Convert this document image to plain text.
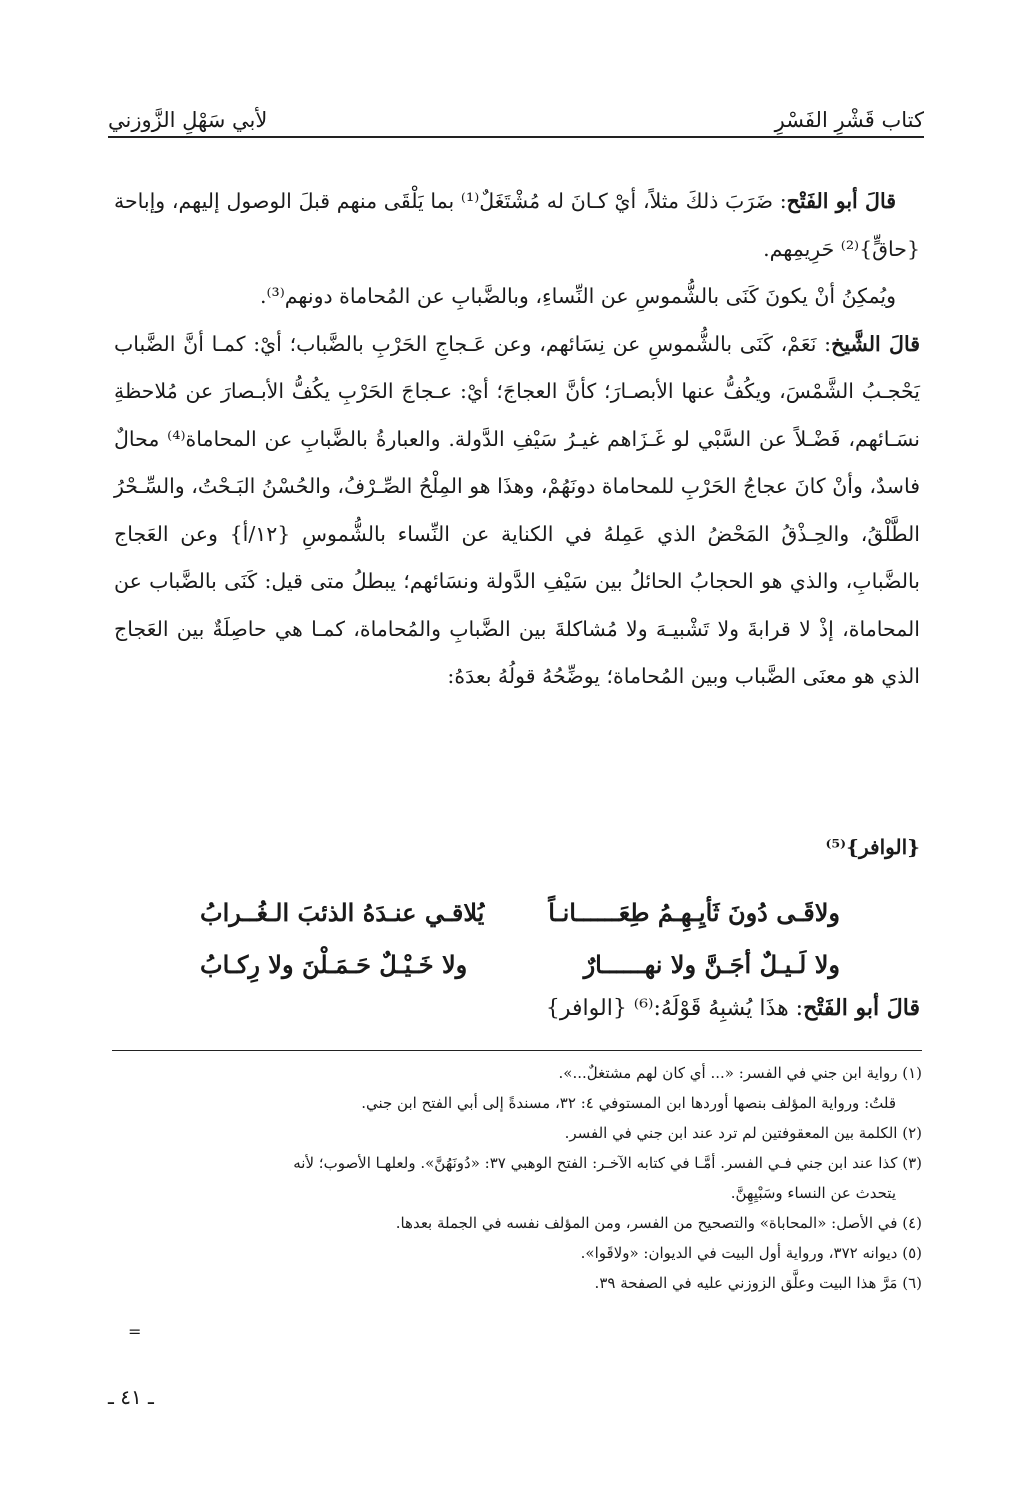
كتاب قَشْرِ الفَسْرِ
لأبي سَهْلِ الزَّوزني

قالَ أبو الفَتْح: ضَرَبَ ذلكَ مثلاً، أيْ كـانَ له مُشْتَغَلٌ⁽¹⁾ بما يَلْقَى منهم قبلَ الوصول إليهم، وإباحة {حاقٍّ}⁽²⁾ حَرِيمِهم.

ويُمكِنُ أنْ يكونَ كَنَى بالشُّموسِ عن النِّساءِ، وبالضَّبابِ عن المُحاماة دونهم⁽³⁾.

قالَ الشَّيخ: نَعَمْ، كَنَى بالشُّموسِ عن نِسَائهم، وعن عَـجاجِ الحَرْبِ بالضَّباب؛ أيْ: كمـا أنَّ الضَّباب يَحْجـبُ الشَّمْسَ، ويكُفُّ عنها الأبصـارَ؛ كأنَّ العجاجَ؛ أيْ: عـجاجَ الحَرْبِ يكُفُّ الأبـصارَ عن مُلاحظةِ نسَـائهم، فَضْـلاً عن السَّبْي لو غَـزَاهم غيـرُ سَيْفِ الدَّولة. والعبارةُ بالضَّبابِ عن المحاماة⁽⁴⁾ محالٌ فاسدٌ، وأنْ كانَ عجاجُ الحَرْبِ للمحاماة دونَهُمْ، وهذَا هو المِلْحُ الصِّـرْفُ، والحُسْنُ البَـحْتُ، والسِّـحْرُ الطَّلْقُ، والحِـذْقُ المَحْضُ الذي عَمِلهُ في الكناية عن النِّساء بالشُّموسِ {١٢/أ} وعن العَجاج بالضَّبابِ، والذي هو الحجابُ الحائلُ بين سَيْفِ الدَّولة ونسَائهم؛ يبطلُ متى قيل: كَنَى بالضَّباب عن المحاماة، إذْ لا قرابةَ ولا تَشْبيـهَ ولا مُشاكلةَ بين الضَّبابِ والمُحاماة، كمـا هي حاصِلَةٌ بين العَجاج الذي هو معنَى الضَّباب وبين المُحاماة؛ يوضِّحُهُ قولُهُ بعدَهُ:

{الوافر}⁽⁵⁾
ولاقَـى دُونَ ثَأيِـهِـمُ طِعَــــــانـاً
يُلاقـي عنـدَهُ الذئبَ الـغُــرابُ
ولا لَـيـلٌ أجَـنَّ ولا نهــــــارٌ
ولا خَـيْـلٌ حَـمَـلْنَ ولا رِكـابُ
قالَ أبو الفَتْح: هذَا يُشبِهُ قَوْلَهُ:⁽⁶⁾ {الوافر}

(١) رواية ابن جني في الفسر: «... أي كان لهم مشتغلٌ...».

قلتُ: ورواية المؤلف بنصها أوردها ابن المستوفي ٤: ٣٢، مسندةً إلى أبي الفتح ابن جني.

(٢) الكلمة بين المعقوفتين لم ترد عند ابن جني في الفسر.

(٣) كذا عند ابن جني فـي الفسر. أمَّـا في كتابه الآخـر: الفتح الوهبي ٣٧: «دُونَهُنَّ». ولعلهـا الأصوب؛ لأنه
يتحدث عن النساء وسَبْيِهِنَّ.

(٤) في الأصل: «المحاباة» والتصحيح من الفسر، ومن المؤلف نفسه في الجملة بعدها.

(٥) ديوانه ٣٧٢، ورواية أول البيت في الديوان: «ولاقَوا».

(٦) مَرَّ هذا البيت وعلَّق الزوزني عليه في الصفحة ٣٩.

=
ـ ٤١ ـ
